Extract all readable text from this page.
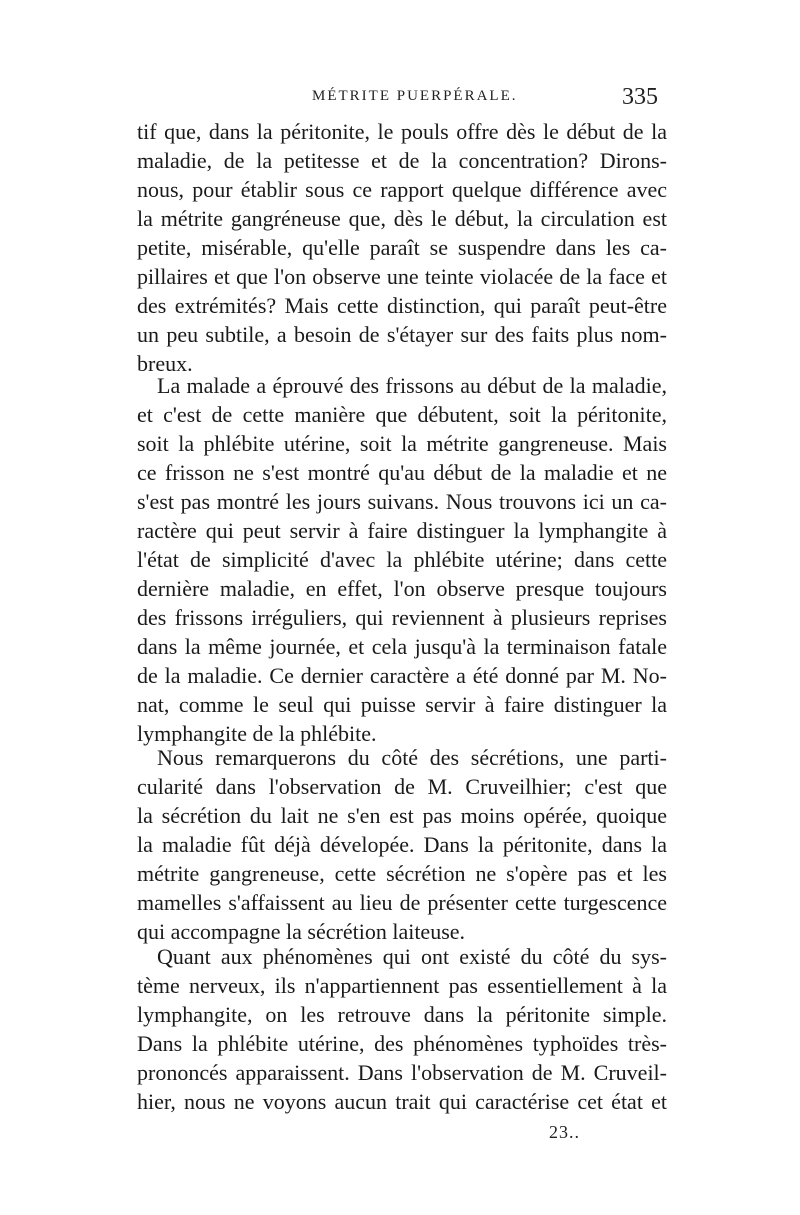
MÉTRITE PUERPÉRALE.	335
tif que, dans la péritonite, le pouls offre dès le début de la
maladie, de la petitesse et de la concentration? Dirons-
nous, pour établir sous ce rapport quelque différence avec
la métrite gangréneuse que, dès le début, la circulation est
petite, misérable, qu'elle paraît se suspendre dans les ca-
pillaires et que l'on observe une teinte violacée de la face et
des extrémités? Mais cette distinction, qui paraît peut-être
un peu subtile, a besoin de s'étayer sur des faits plus nom-
breux.
La malade a éprouvé des frissons au début de la maladie,
et c'est de cette manière que débutent, soit la péritonite,
soit la phlébite utérine, soit la métrite gangreneuse. Mais
ce frisson ne s'est montré qu'au début de la maladie et ne
s'est pas montré les jours suivans. Nous trouvons ici un ca-
ractère qui peut servir à faire distinguer la lymphangite à
l'état de simplicité d'avec la phlébite utérine; dans cette
dernière maladie, en effet, l'on observe presque toujours
des frissons irréguliers, qui reviennent à plusieurs reprises
dans la même journée, et cela jusqu'à la terminaison fatale
de la maladie. Ce dernier caractère a été donné par M. No-
nat, comme le seul qui puisse servir à faire distinguer la
lymphangite de la phlébite.
Nous remarquerons du côté des sécrétions, une parti-
cularité dans l'observation de M. Cruveilhier; c'est que
la sécrétion du lait ne s'en est pas moins opérée, quoique
la maladie fût déjà dévelopée. Dans la péritonite, dans la
métrite gangreneuse, cette sécrétion ne s'opère pas et les
mamelles s'affaissent au lieu de présenter cette turgescence
qui accompagne la sécrétion laiteuse.
Quant aux phénomènes qui ont existé du côté du sys-
tème nerveux, ils n'appartiennent pas essentiellement à la
lymphangite, on les retrouve dans la péritonite simple.
Dans la phlébite utérine, des phénomènes typhoïdes très-
prononcés apparaissent. Dans l'observation de M. Cruveil-
hier, nous ne voyons aucun trait qui caractérise cet état et
23..
